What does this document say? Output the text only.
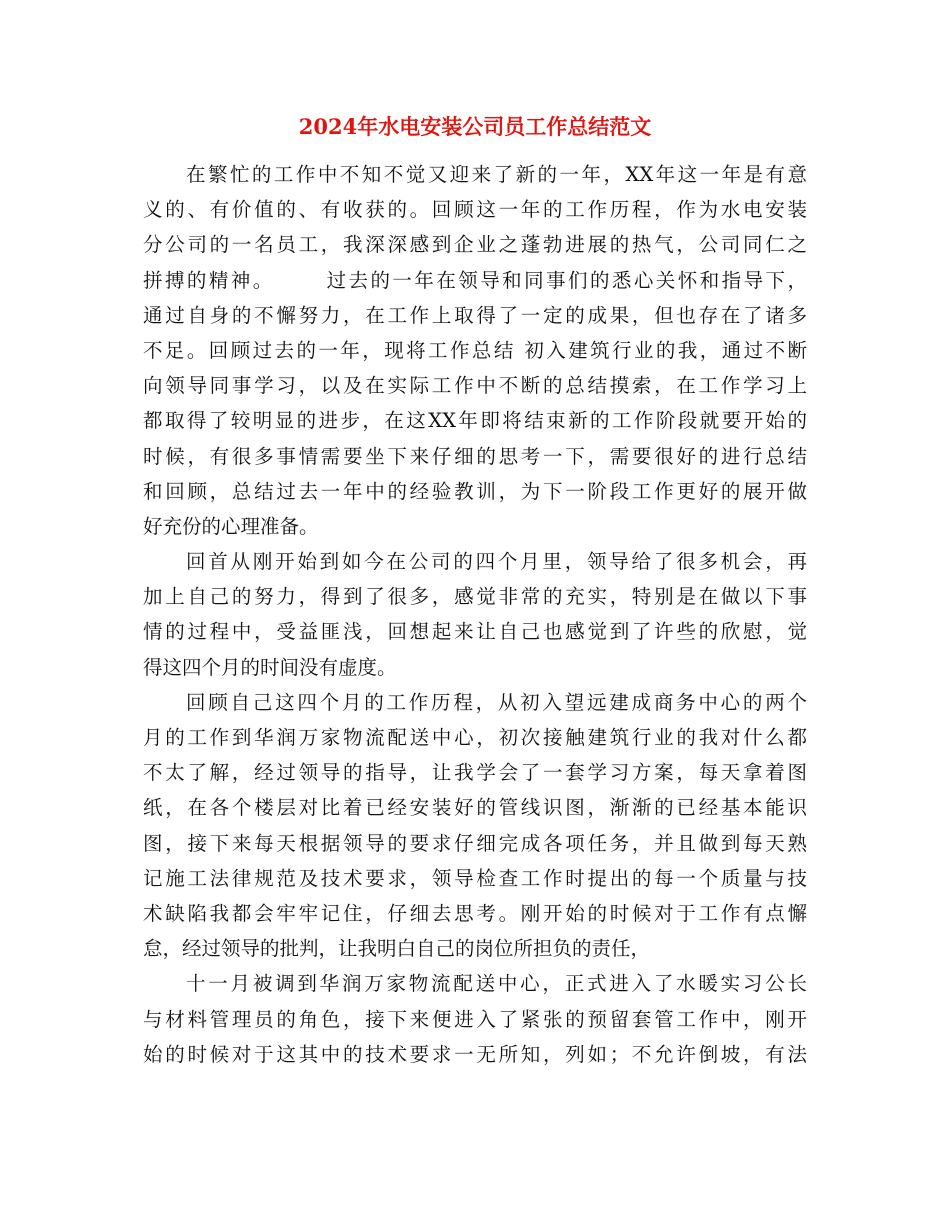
2024年水电安装公司员工作总结范文
在繁忙的工作中不知不觉又迎来了新的一年，XX年这一年是有意
义的、有价值的、有收获的。回顾这一年的工作历程，作为水电安装
分公司的一名员工，我深深感到企业之蓬勃进展的热气，公司同仁之
拼搏的精神。      过去的一年在领导和同事们的悉心关怀和指导下，
通过自身的不懈努力，在工作上取得了一定的成果，但也存在了诸多
不足。回顾过去的一年，现将工作总结 初入建筑行业的我，通过不断
向领导同事学习，以及在实际工作中不断的总结摸索，在工作学习上
都取得了较明显的进步，在这XX年即将结束新的工作阶段就要开始的
时候，有很多事情需要坐下来仔细的思考一下，需要很好的进行总结
和回顾，总结过去一年中的经验教训，为下一阶段工作更好的展开做
好充份的心理准备。
回首从刚开始到如今在公司的四个月里，领导给了很多机会，再
加上自己的努力，得到了很多，感觉非常的充实，特别是在做以下事
情的过程中，受益匪浅，回想起来让自己也感觉到了许些的欣慰，觉
得这四个月的时间没有虚度。
回顾自己这四个月的工作历程，从初入望远建成商务中心的两个
月的工作到华润万家物流配送中心，初次接触建筑行业的我对什么都
不太了解，经过领导的指导，让我学会了一套学习方案，每天拿着图
纸，在各个楼层对比着已经安装好的管线识图，渐渐的已经基本能识
图，接下来每天根据领导的要求仔细完成各项任务，并且做到每天熟
记施工法律规范及技术要求，领导检查工作时提出的每一个质量与技
术缺陷我都会牢牢记住，仔细去思考。刚开始的时候对于工作有点懈
怠，经过领导的批判，让我明白自己的岗位所担负的责任，
十一月被调到华润万家物流配送中心，正式进入了水暖实习公长
与材料管理员的角色，接下来便进入了紧张的预留套管工作中，刚开
始的时候对于这其中的技术要求一无所知，列如；不允许倒坡，有法
